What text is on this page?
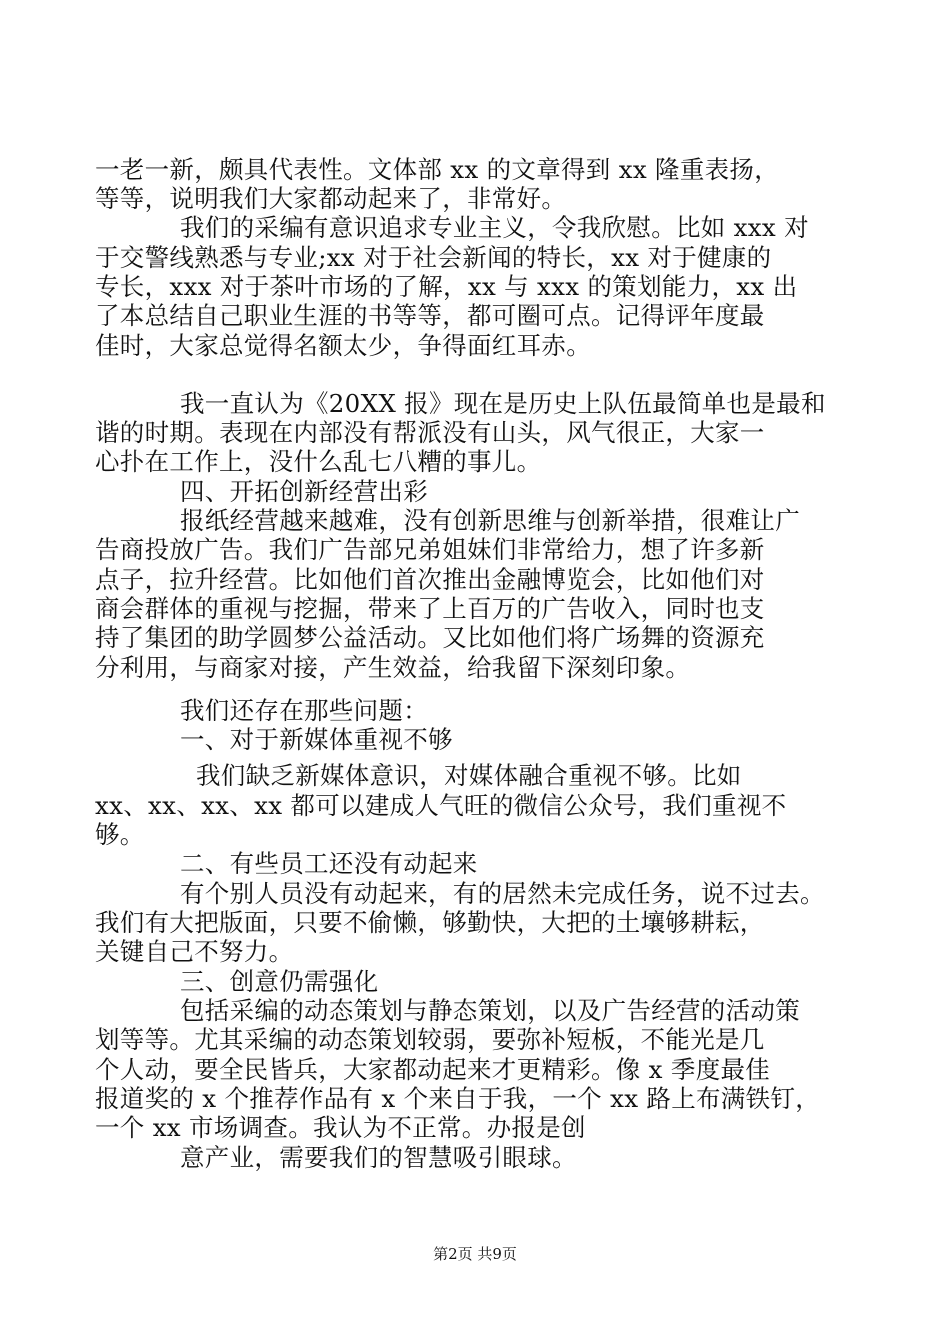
一老一新，颇具代表性。文体部 xx 的文章得到 xx 隆重表扬，
等等，说明我们大家都动起来了，非常好。
我们的采编有意识追求专业主义，令我欣慰。比如 xxx 对
于交警线熟悉与专业;xx 对于社会新闻的特长，xx 对于健康的
专长，xxx 对于茶叶市场的了解，xx 与 xxx 的策划能力，xx 出
了本总结自己职业生涯的书等等，都可圈可点。记得评年度最
佳时，大家总觉得名额太少，争得面红耳赤。
我一直认为《20XX 报》现在是历史上队伍最简单也是最和
谐的时期。表现在内部没有帮派没有山头，风气很正，大家一
心扑在工作上，没什么乱七八糟的事儿。
四、开拓创新经营出彩
报纸经营越来越难，没有创新思维与创新举措，很难让广
告商投放广告。我们广告部兄弟姐妹们非常给力，想了许多新
点子，拉升经营。比如他们首次推出金融博览会，比如他们对
商会群体的重视与挖掘，带来了上百万的广告收入，同时也支
持了集团的助学圆梦公益活动。又比如他们将广场舞的资源充
分利用，与商家对接，产生效益，给我留下深刻印象。
我们还存在那些问题：
一、对于新媒体重视不够
我们缺乏新媒体意识，对媒体融合重视不够。比如
xx、xx、xx、xx 都可以建成人气旺的微信公众号，我们重视不
够。
二、有些员工还没有动起来
有个别人员没有动起来，有的居然未完成任务，说不过去。
我们有大把版面，只要不偷懒，够勤快，大把的土壤够耕耘，
关键自己不努力。
三、创意仍需强化
包括采编的动态策划与静态策划，以及广告经营的活动策
划等等。尤其采编的动态策划较弱，要弥补短板，不能光是几
个人动，要全民皆兵，大家都动起来才更精彩。像 x 季度最佳
报道奖的 x 个推荐作品有 x 个来自于我，一个 xx 路上布满铁钉，
一个 xx 市场调查。我认为不正常。办报是创
意产业，需要我们的智慧吸引眼球。
第2页 共9页
